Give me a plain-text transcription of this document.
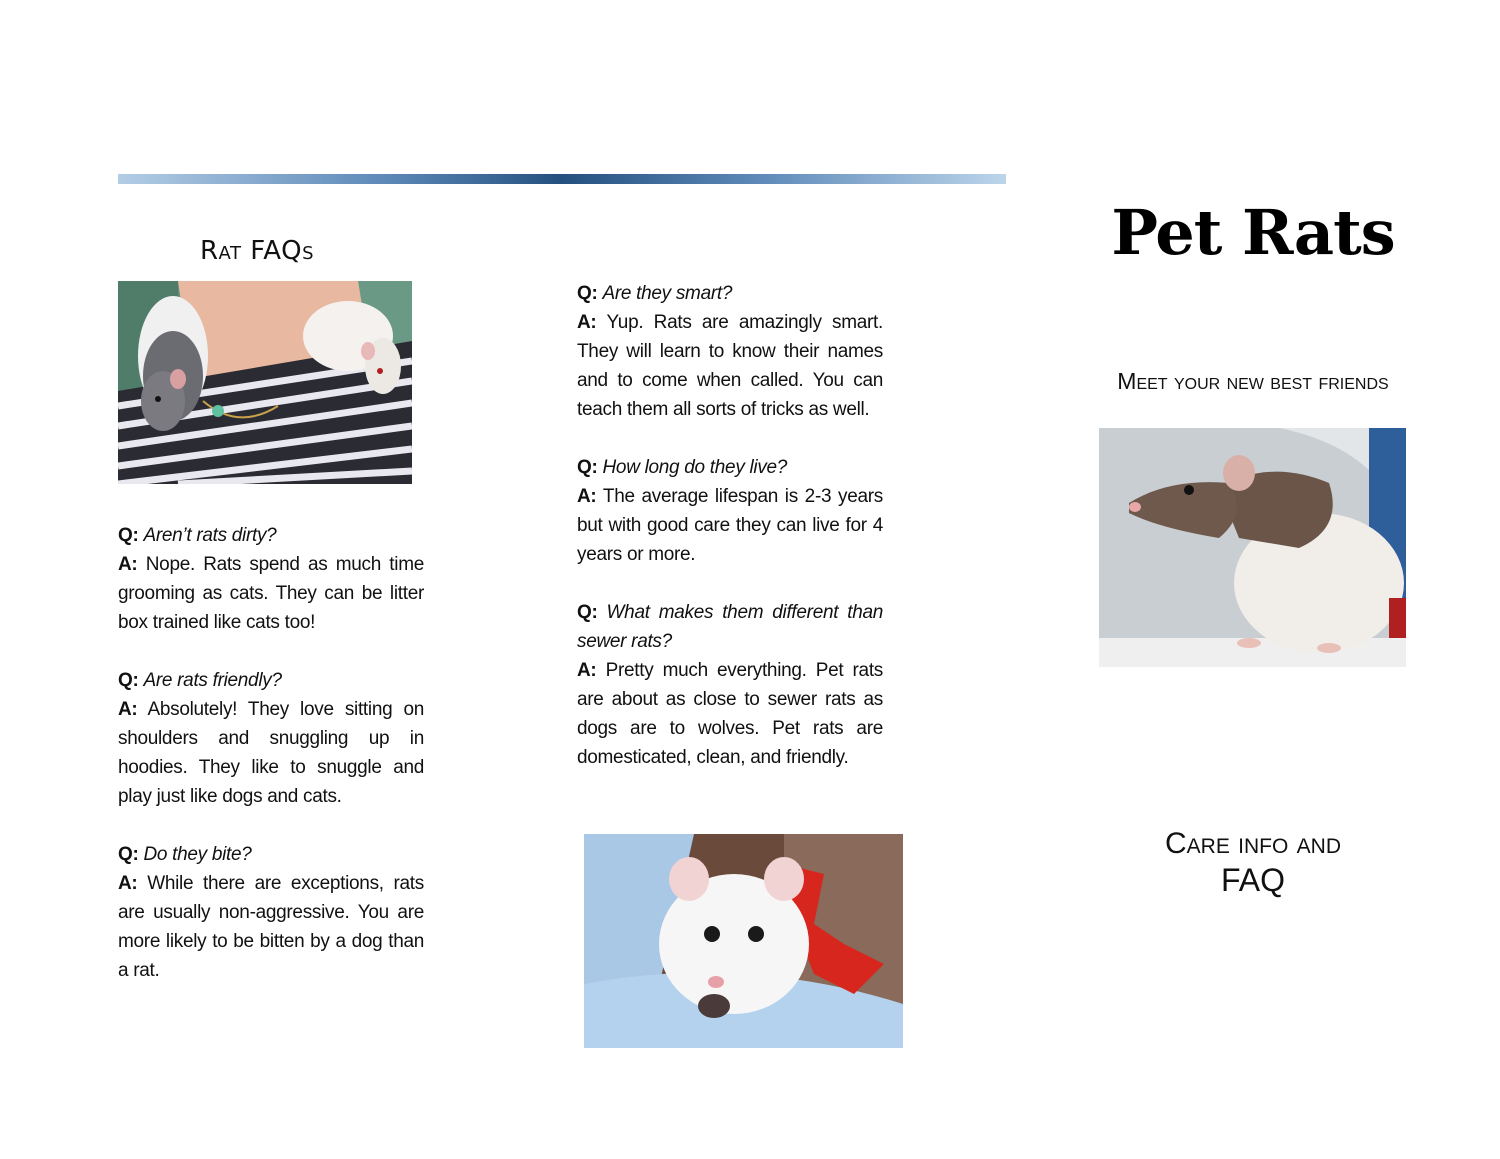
Rat FAQs
Q: Aren’t rats dirty?
A: Nope. Rats spend as much time grooming as cats. They can be litter box trained like cats too!
Q: Are rats friendly?
A: Absolutely! They love sitting on shoulders and snuggling up in hoodies. They like to snuggle and play just like dogs and cats.
Q: Do they bite?
A: While there are exceptions, rats are usually non-aggressive. You are more likely to be bitten by a dog than a rat.
Q: Are they smart?
A: Yup. Rats are amazingly smart. They will learn to know their names and to come when called. You can teach them all sorts of tricks as well.
Q: How long do they live?
A: The average lifespan is 2-3 years but with good care they can live for 4 years or more.
Q: What makes them different than sewer rats?
A: Pretty much everything. Pet rats are about as close to sewer rats as dogs are to wolves. Pet rats are domesticated, clean, and friendly.
Pet Rats
Meet your new best friends
Care info and
FAQ
